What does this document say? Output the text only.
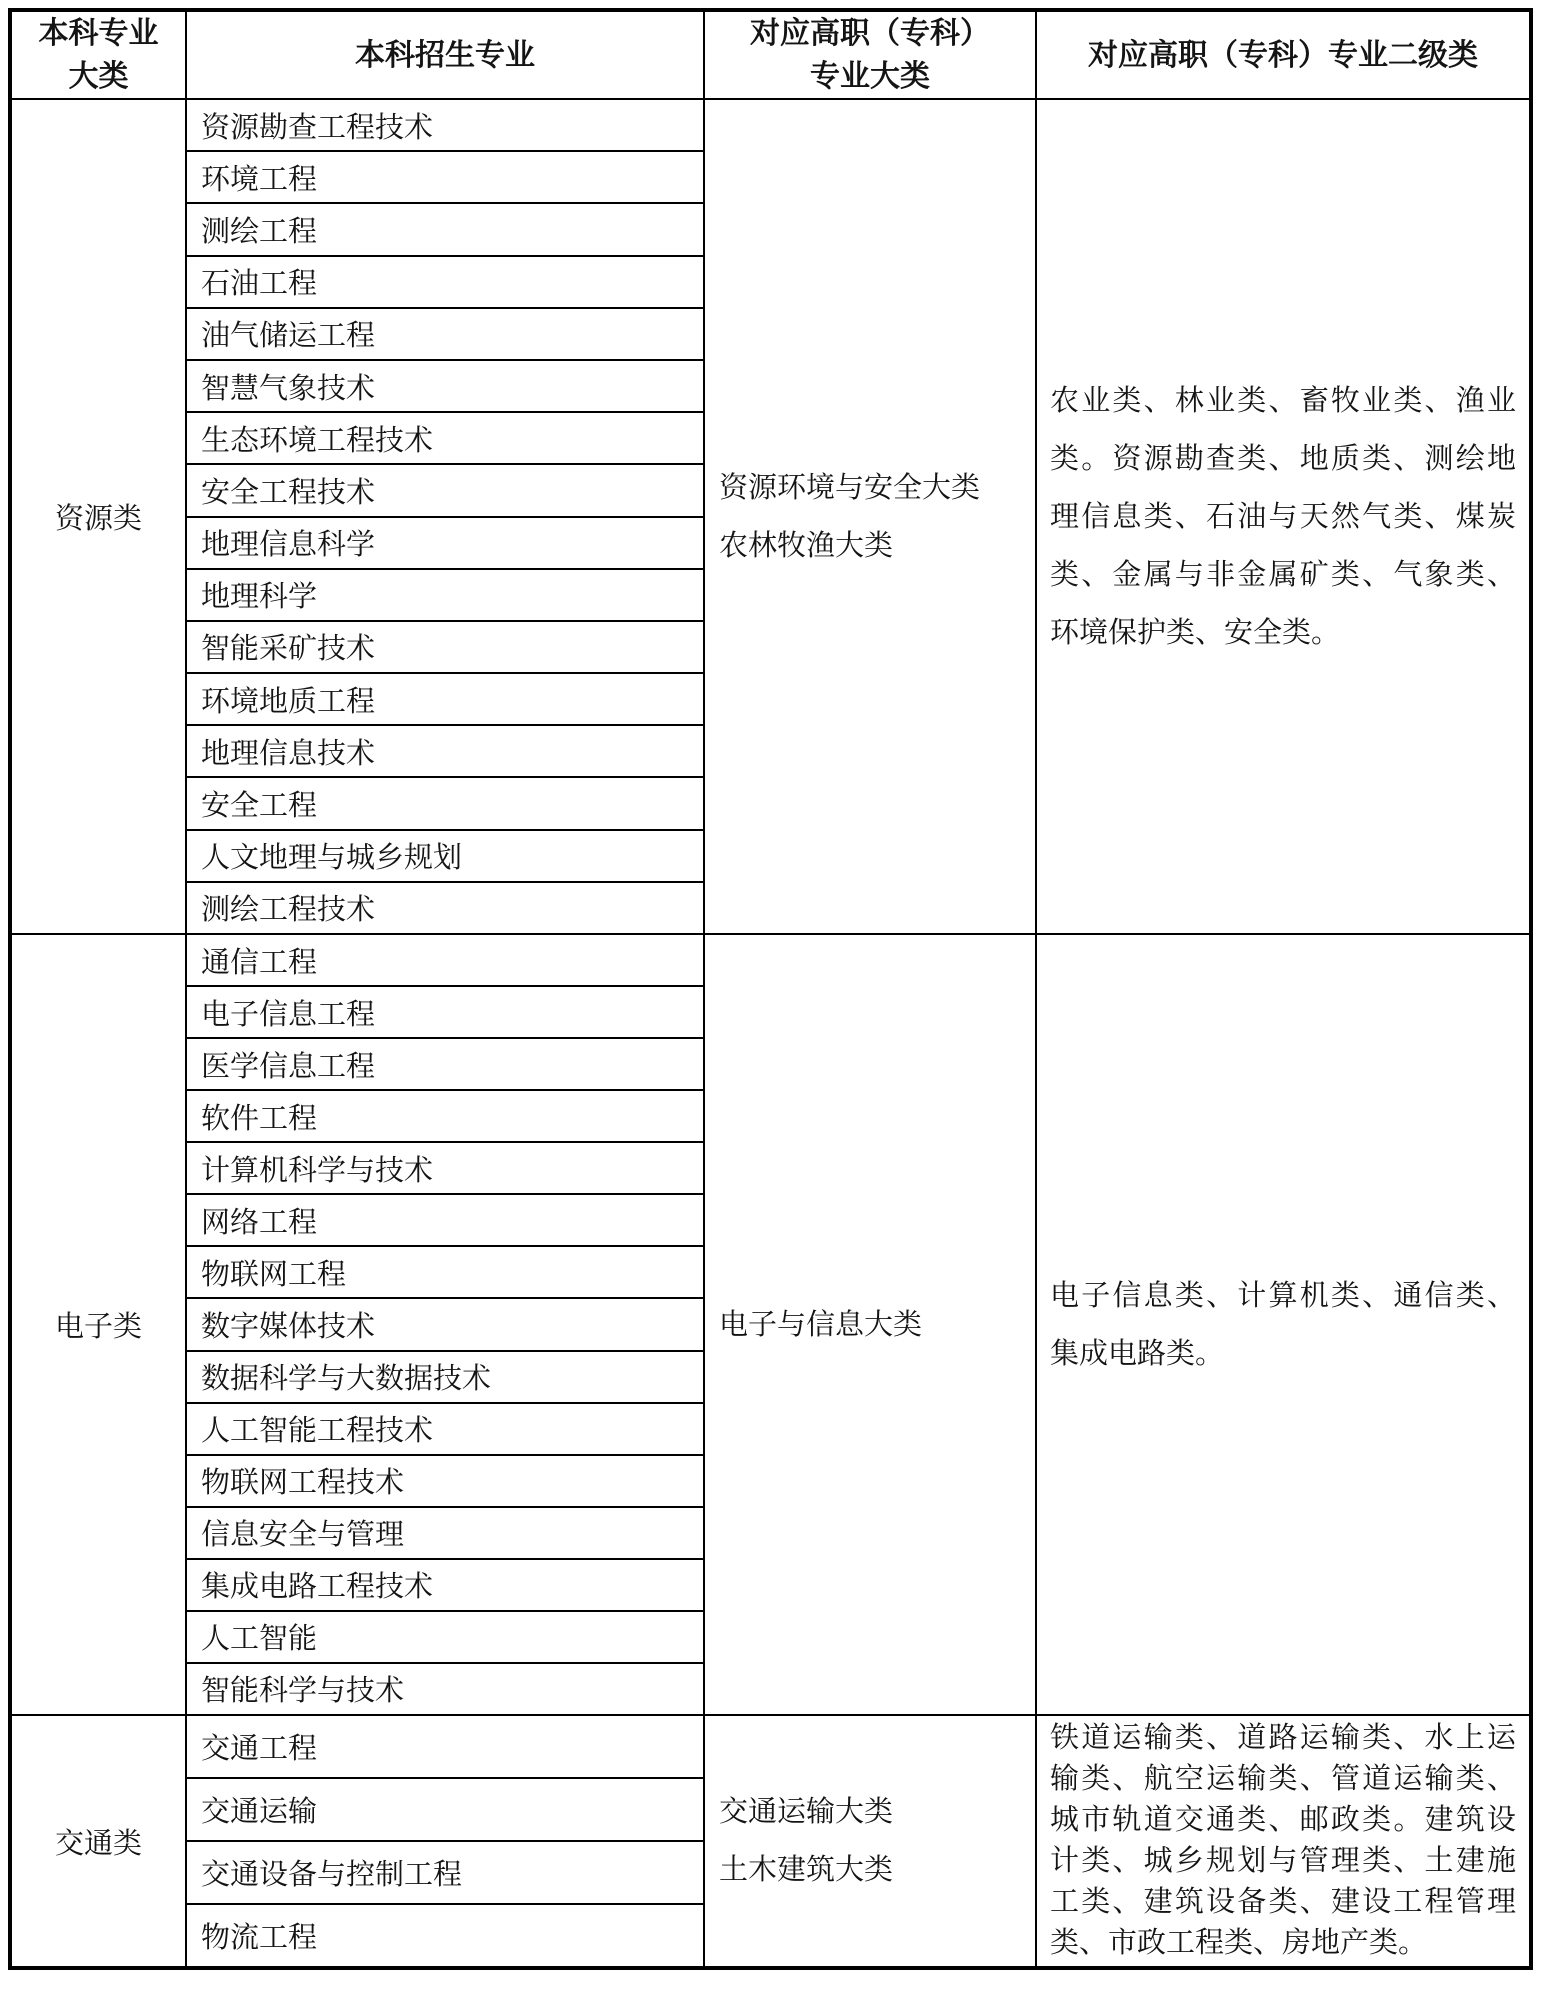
本科专业
大类
本科招生专业
对应高职（专科）
专业大类
对应高职（专科）专业二级类
资源类
资源勘查工程技术
环境工程
测绘工程
石油工程
油气储运工程
智慧气象技术
生态环境工程技术
安全工程技术
地理信息科学
地理科学
智能采矿技术
环境地质工程
地理信息技术
安全工程
人文地理与城乡规划
测绘工程技术
资源环境与安全大类
农林牧渔大类
农业类、林业类、畜牧业类、渔业
类。资源勘查类、地质类、测绘地
理信息类、石油与天然气类、煤炭
类、金属与非金属矿类、气象类、
环境保护类、安全类。
电子类
通信工程
电子信息工程
医学信息工程
软件工程
计算机科学与技术
网络工程
物联网工程
数字媒体技术
数据科学与大数据技术
人工智能工程技术
物联网工程技术
信息安全与管理
集成电路工程技术
人工智能
智能科学与技术
电子与信息大类
电子信息类、计算机类、通信类、
集成电路类。
交通类
交通工程
交通运输
交通设备与控制工程
物流工程
交通运输大类
土木建筑大类
铁道运输类、道路运输类、水上运
输类、航空运输类、管道运输类、
城市轨道交通类、邮政类。建筑设
计类、城乡规划与管理类、土建施
工类、建筑设备类、建设工程管理
类、市政工程类、房地产类。
